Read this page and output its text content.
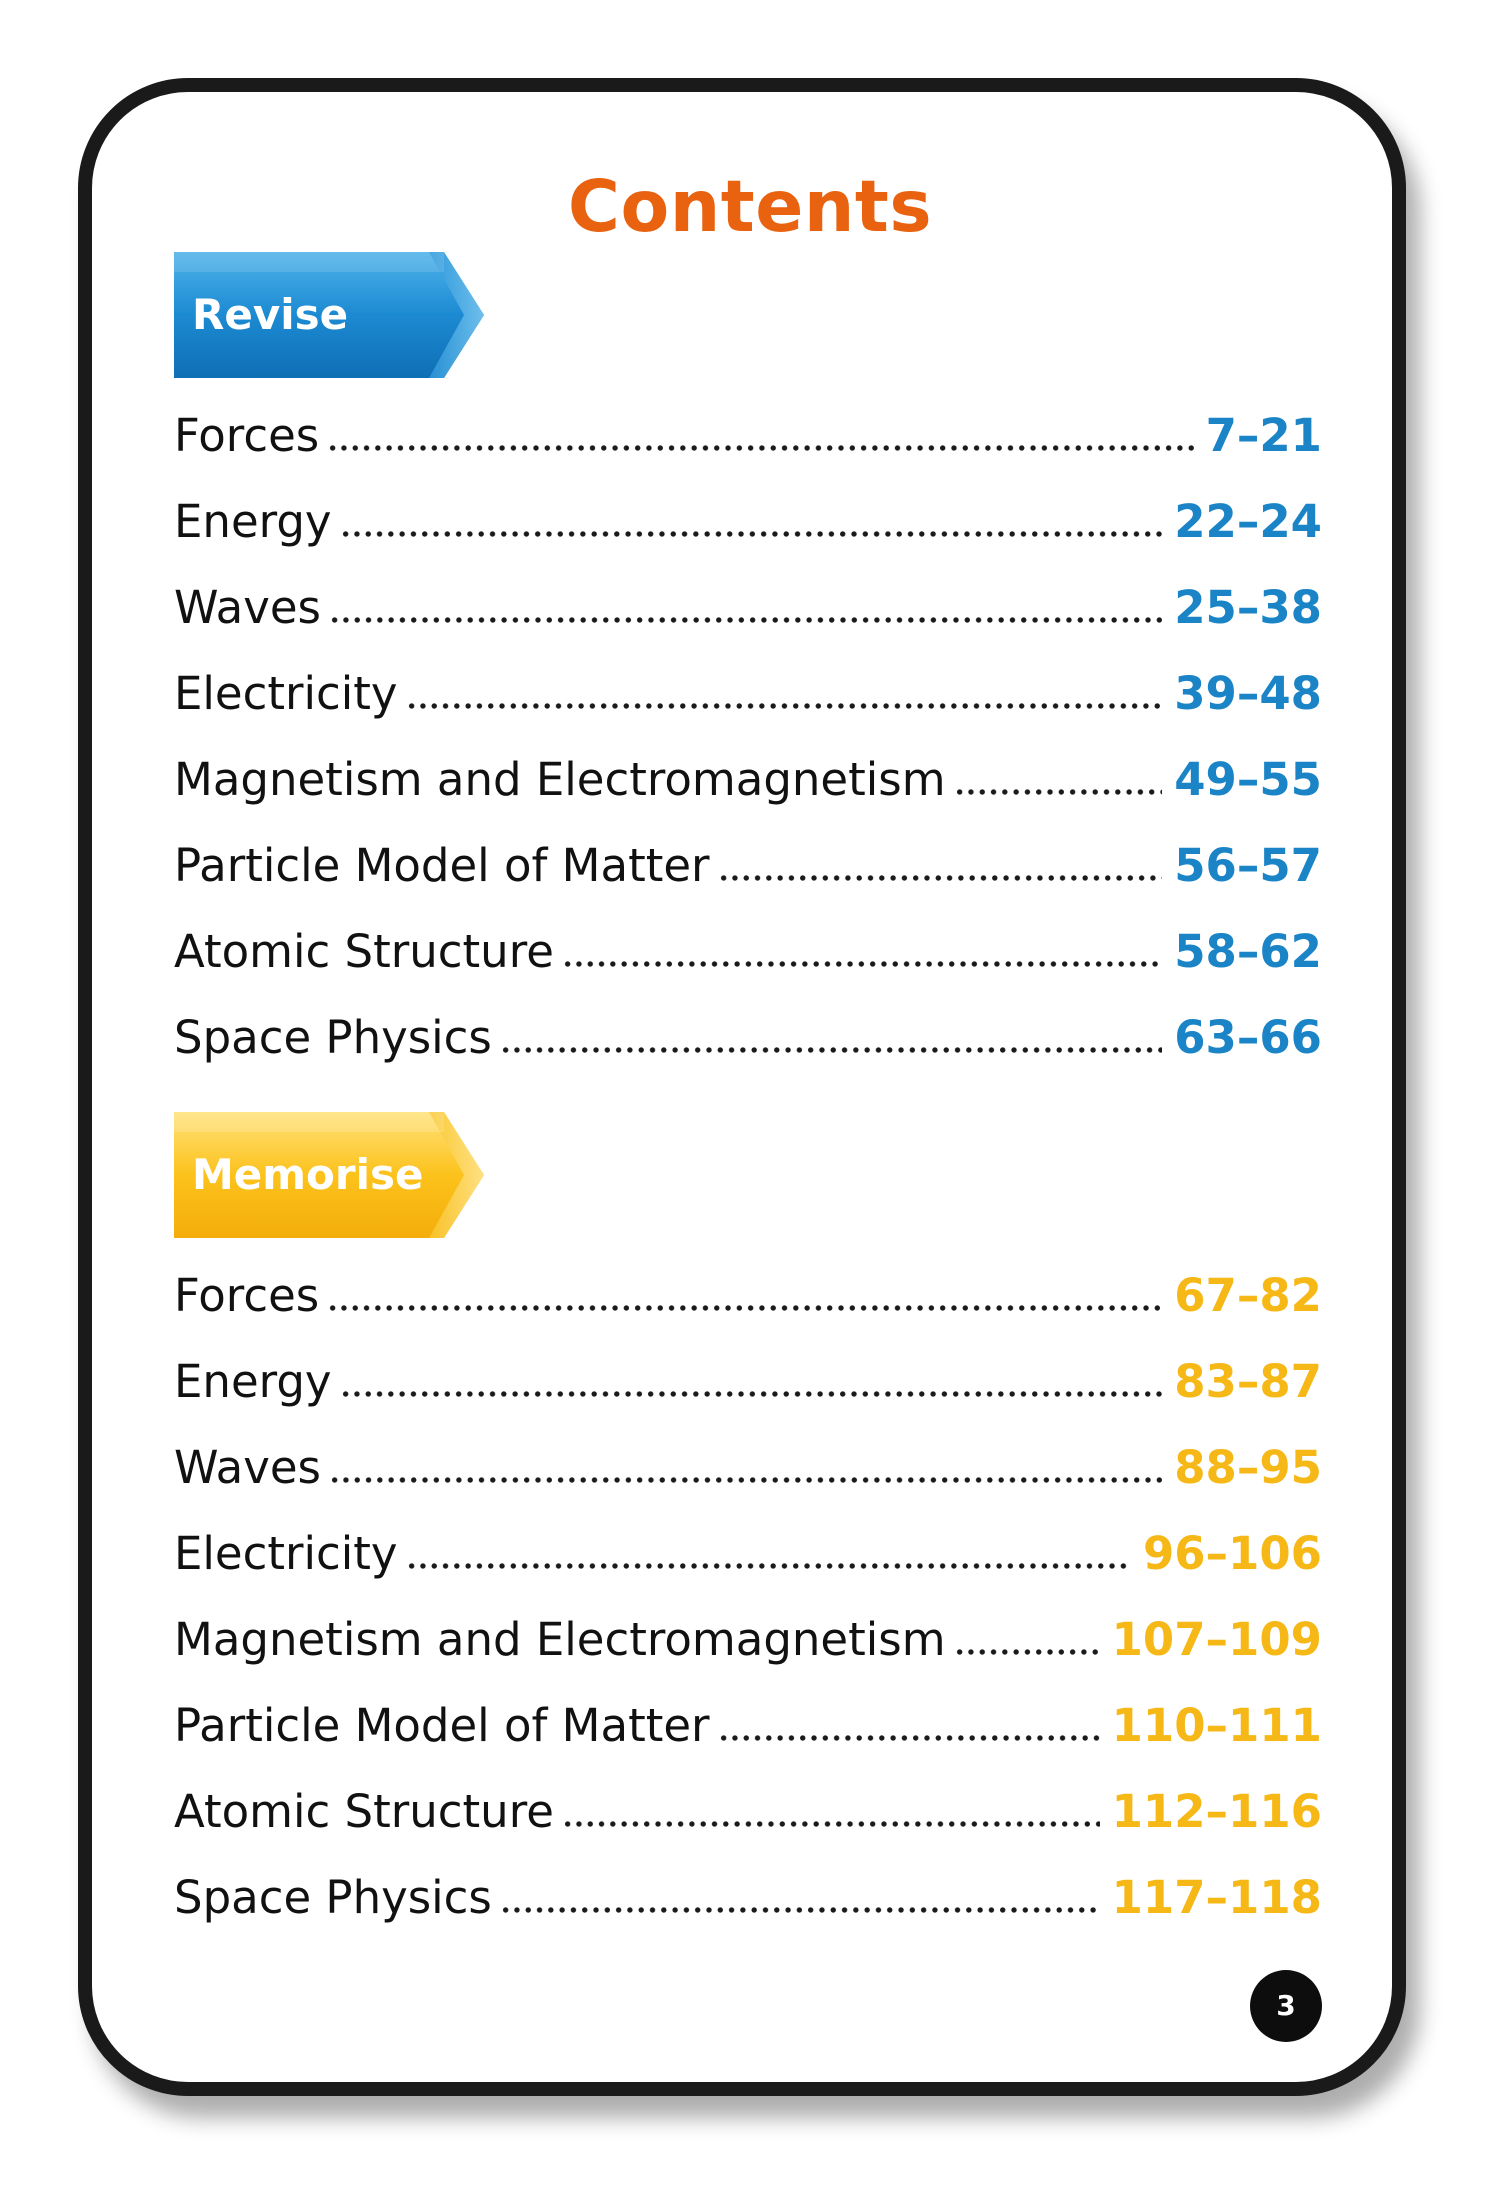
Contents
Revise
Forces	7–21
Energy	22–24
Waves	25–38
Electricity	39–48
Magnetism and Electromagnetism	49–55
Particle Model of Matter	56–57
Atomic Structure	58–62
Space Physics	63–66
Memorise
Forces	67–82
Energy	83–87
Waves	88–95
Electricity	96–106
Magnetism and Electromagnetism	107–109
Particle Model of Matter	110–111
Atomic Structure	112–116
Space Physics	117–118
3
